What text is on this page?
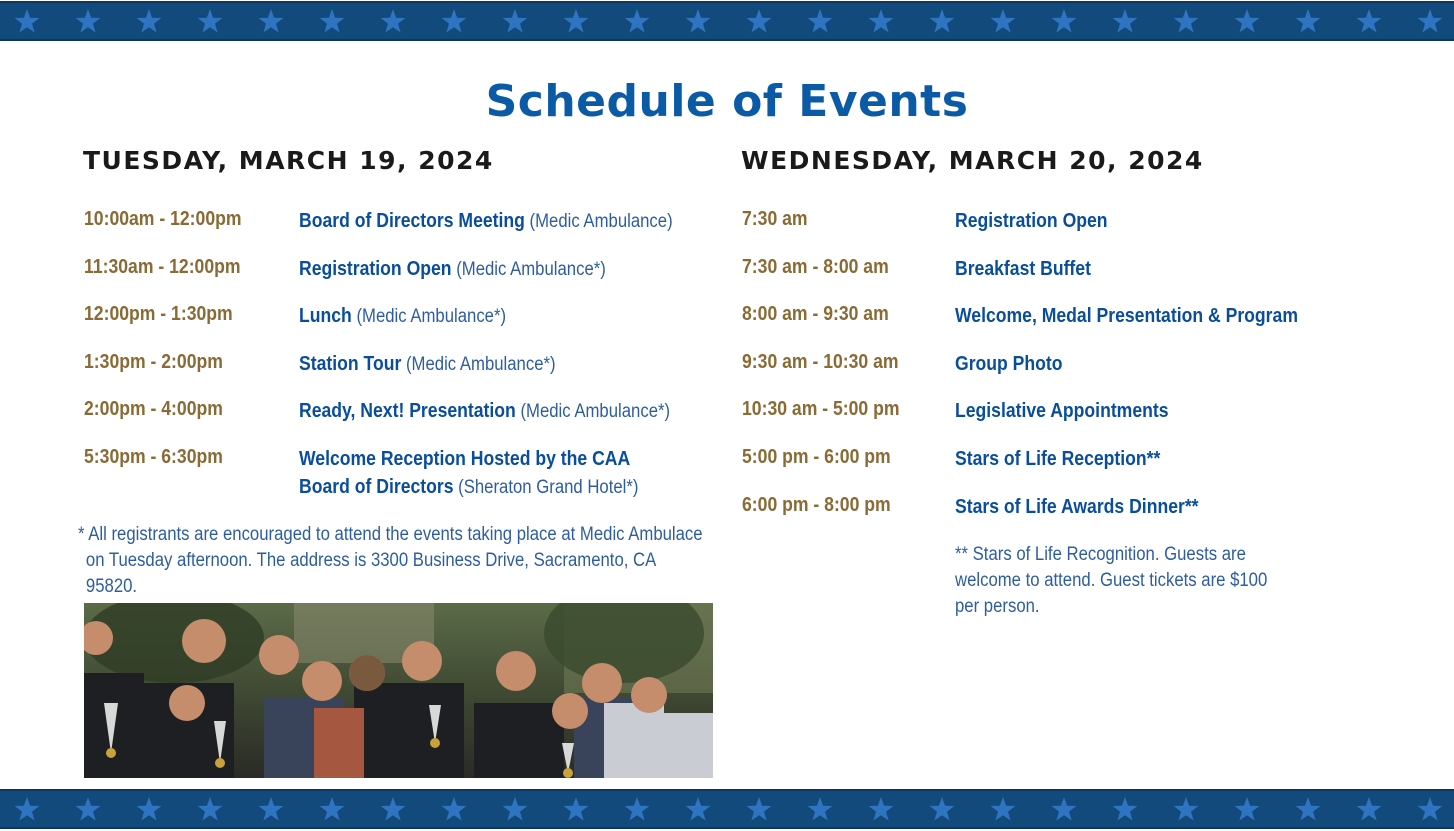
Schedule of Events
TUESDAY, MARCH 19, 2024	WEDNESDAY, MARCH 20, 2024
10:00am - 12:00pm	Board of Directors Meeting (Medic Ambulance)
11:30am - 12:00pm	Registration Open (Medic Ambulance*)
12:00pm - 1:30pm	Lunch (Medic Ambulance*)
1:30pm - 2:00pm	Station Tour (Medic Ambulance*)
2:00pm - 4:00pm	Ready, Next! Presentation (Medic Ambulance*)
5:30pm - 6:30pm	Welcome Reception Hosted by the CAA
Board of Directors (Sheraton Grand Hotel*)
* All registrants are encouraged to attend the events taking place at Medic Ambulace
on Tuesday afternoon. The address is 3300 Business Drive, Sacramento, CA
95820.
7:30 am	Registration Open
7:30 am - 8:00 am	Breakfast Buffet
8:00 am - 9:30 am	Welcome, Medal Presentation & Program
9:30 am - 10:30 am	Group Photo
10:30 am - 5:00 pm	Legislative Appointments
5:00 pm - 6:00 pm	Stars of Life Reception**
6:00 pm - 8:00 pm	Stars of Life Awards Dinner**
** Stars of Life Recognition. Guests are
welcome to attend. Guest tickets are $100
per person.
